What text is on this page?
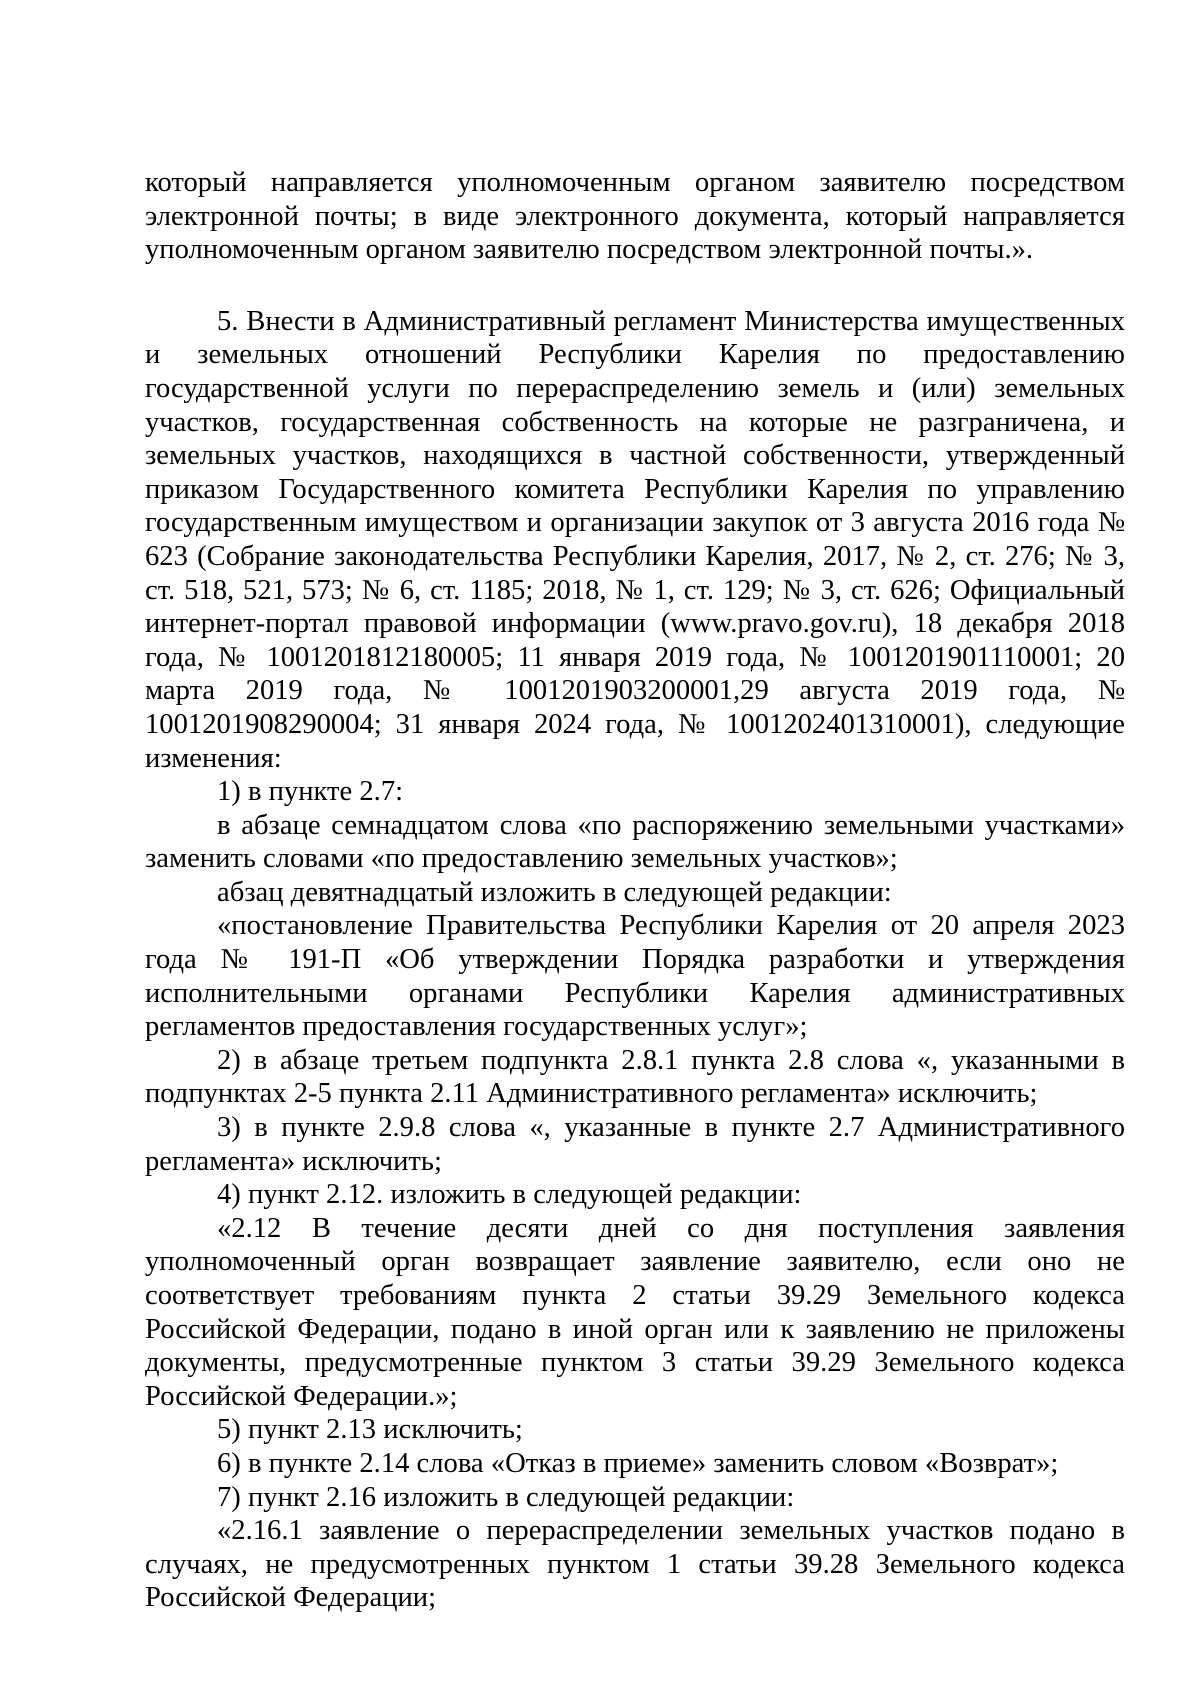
который направляется уполномоченным органом заявителю посредством электронной почты; в виде электронного документа, который направляется уполномоченным органом заявителю посредством электронной почты.».

5. Внести в Административный регламент Министерства имущественных и земельных отношений Республики Карелия по предоставлению государственной услуги по перераспределению земель и (или) земельных участков, государственная собственность на которые не разграничена, и земельных участков, находящихся в частной собственности, утвержденный приказом Государственного комитета Республики Карелия по управлению государственным имуществом и организации закупок от 3 августа 2016 года № 623 (Собрание законодательства Республики Карелия, 2017, № 2, ст. 276; № 3, ст. 518, 521, 573; № 6, ст. 1185; 2018, № 1, ст. 129; № 3, ст. 626; Официальный интернет-портал правовой информации (www.pravo.gov.ru), 18 декабря 2018 года, № 1001201812180005; 11 января 2019 года, № 1001201901110001; 20 марта 2019 года, № 1001201903200001,29 августа 2019 года, № 1001201908290004; 31 января 2024 года, № 1001202401310001), следующие изменения:

1) в пункте 2.7:

в абзаце семнадцатом слова «по распоряжению земельными участками» заменить словами «по предоставлению земельных участков»;

абзац девятнадцатый изложить в следующей редакции:

«постановление Правительства Республики Карелия от 20 апреля 2023 года № 191-П «Об утверждении Порядка разработки и утверждения исполнительными органами Республики Карелия административных регламентов предоставления государственных услуг»;

2) в абзаце третьем подпункта 2.8.1 пункта 2.8 слова «, указанными в подпунктах 2-5 пункта 2.11 Административного регламента» исключить;

3) в пункте 2.9.8 слова «, указанные в пункте 2.7 Административного регламента» исключить;

4) пункт 2.12. изложить в следующей редакции:

«2.12 В течение десяти дней со дня поступления заявления уполномоченный орган возвращает заявление заявителю, если оно не соответствует требованиям пункта 2 статьи 39.29 Земельного кодекса Российской Федерации, подано в иной орган или к заявлению не приложены документы, предусмотренные пунктом 3 статьи 39.29 Земельного кодекса Российской Федерации.»;

5) пункт 2.13 исключить;

6) в пункте 2.14 слова «Отказ в приеме» заменить словом «Возврат»;

7) пункт 2.16 изложить в следующей редакции:

«2.16.1 заявление о перераспределении земельных участков подано в случаях, не предусмотренных пунктом 1 статьи 39.28 Земельного кодекса Российской Федерации;
